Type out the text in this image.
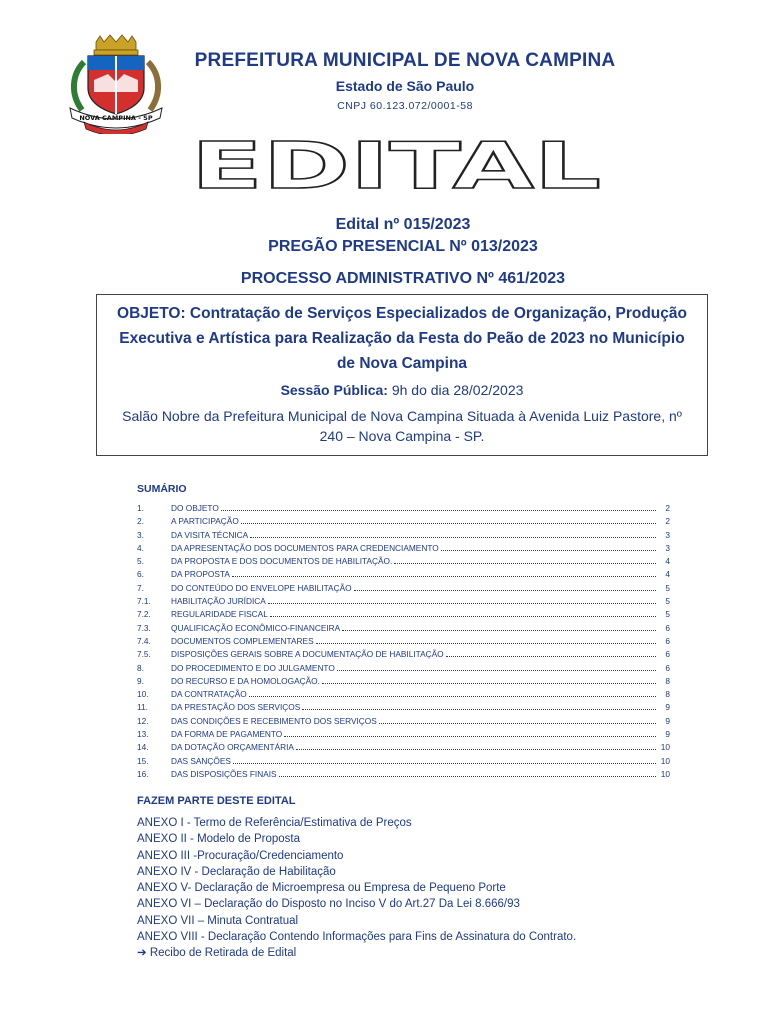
NOVA CAMPINA - SP
PREFEITURA MUNICIPAL DE NOVA CAMPINA
Estado de São Paulo
CNPJ 60.123.072/0001-58
EDITAL
Edital nº 015/2023
PREGÃO PRESENCIAL Nº 013/2023
PROCESSO ADMINISTRATIVO Nº 461/2023
OBJETO: Contratação de Serviços Especializados de Organização, Produção Executiva e Artística para Realização da Festa do Peão de 2023 no Município de Nova Campina
Sessão Pública: 9h do dia 28/02/2023
Salão Nobre da Prefeitura Municipal de Nova Campina Situada à Avenida Luiz Pastore, nº 240 – Nova Campina - SP.
SUMÁRIO
1.	DO OBJETO	2
2.	A PARTICIPAÇÃO	2
3.	DA VISITA TÉCNICA	3
4.	DA APRESENTAÇÃO DOS DOCUMENTOS PARA CREDENCIAMENTO	3
5.	DA PROPOSTA E DOS DOCUMENTOS DE HABILITAÇÃO.	4
6.	DA PROPOSTA	4
7.	DO CONTEÚDO DO ENVELOPE HABILITAÇÃO	5
7.1.	HABILITAÇÃO JURÍDICA	5
7.2.	REGULARIDADE FISCAL	5
7.3.	QUALIFICAÇÃO ECONÔMICO-FINANCEIRA	6
7.4.	DOCUMENTOS COMPLEMENTARES	6
7.5.	DISPOSIÇÕES GERAIS SOBRE A DOCUMENTAÇÃO DE HABILITAÇÃO	6
8.	DO PROCEDIMENTO E DO JULGAMENTO	6
9.	DO RECURSO E DA HOMOLOGAÇÃO.	8
10.	DA CONTRATAÇÃO	8
11.	DA PRESTAÇÃO DOS SERVIÇOS	9
12.	DAS CONDIÇÕES E RECEBIMENTO DOS SERVIÇOS	9
13.	DA FORMA DE PAGAMENTO	9
14.	DA DOTAÇÃO ORÇAMENTÁRIA	10
15.	DAS SANÇÕES	10
16.	DAS DISPOSIÇÕES FINAIS	10
FAZEM PARTE DESTE EDITAL
ANEXO I - Termo de Referência/Estimativa de Preços
ANEXO II - Modelo de Proposta
ANEXO III -Procuração/Credenciamento
ANEXO IV - Declaração de Habilitação
ANEXO V- Declaração de Microempresa ou Empresa de Pequeno Porte
ANEXO VI – Declaração do Disposto no Inciso V do Art.27 Da Lei 8.666/93
ANEXO VII – Minuta Contratual
ANEXO VIII - Declaração Contendo Informações para Fins de Assinatura do Contrato.
➔ Recibo de Retirada de Edital
